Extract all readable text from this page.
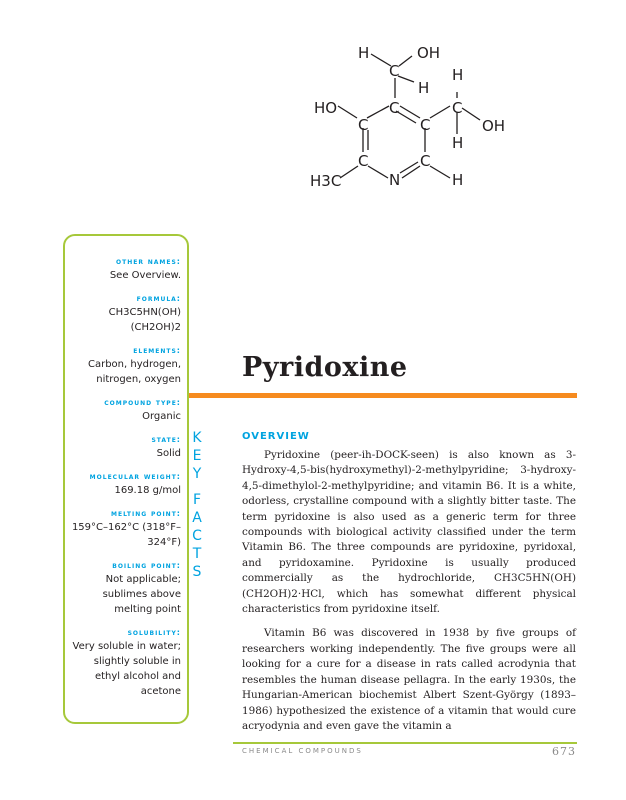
H	OH
C
H
H
HO	C	C
OH
C	C
H
C	C
N
H3C	H
other names:
See Overview.
formula:
CH3C5HN(OH)(CH2OH)2
elements:
Carbon, hydrogen, nitrogen, oxygen
compound type:
Organic
state:
Solid
molecular weight:
169.18 g/mol
melting point:
159°C–162°C (318°F–324°F)
boiling point:
Not applicable; sublimes above melting point
solubility:
Very soluble in water; slightly soluble in ethyl alcohol and acetone
K
E
Y
F
A
C
T
S
Pyridoxine
OVERVIEW

Pyridoxine (peer-ih-DOCK-seen) is also known as 3-Hydroxy-4,5-bis(hydroxymethyl)-2-methylpyridine; 3-hydroxy-4,5-dimethylol-2-methylpyridine; and vitamin B6. It is a white, odorless, crystalline compound with a slightly bitter taste. The term pyridoxine is also used as a generic term for three compounds with biological activity classified under the term Vitamin B6. The three compounds are pyridoxine, pyridoxal, and pyridoxamine. Pyridoxine is usually produced commercially as the hydrochloride, CH3C5HN(OH)(CH2OH)2·HCl, which has somewhat different physical characteristics from pyridoxine itself.

Vitamin B6 was discovered in 1938 by five groups of researchers working independently. The five groups were all looking for a cure for a disease in rats called acrodynia that resembles the human disease pellagra. In the early 1930s, the Hungarian-American biochemist Albert Szent-György (1893–1986) hypothesized the existence of a vitamin that would cure acryodynia and even gave the vitamin a

CHEMICAL COMPOUNDS	673
